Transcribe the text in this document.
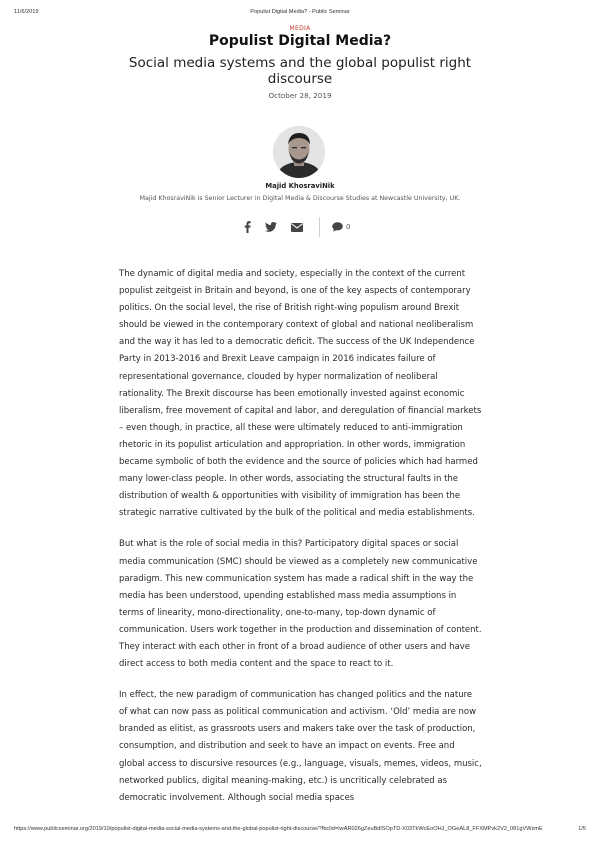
11/6/2019	Populist Digital Media? - Public Seminar
MEDIA
Populist Digital Media?
Social media systems and the global populist right discourse
October 28, 2019
Majid KhosraviNik
Majid KhosraviNik is Senior Lecturer in Digital Media & Discourse Studies at Newcastle University, UK.
0

The dynamic of digital media and society, especially in the context of the current populist zeitgeist in Britain and beyond, is one of the key aspects of contemporary politics. On the social level, the rise of British right-wing populism around Brexit should be viewed in the contemporary context of global and national neoliberalism and the way it has led to a democratic deficit. The success of the UK Independence Party in 2013-2016 and Brexit Leave campaign in 2016 indicates failure of representational governance, clouded by hyper normalization of neoliberal rationality. The Brexit discourse has been emotionally invested against economic liberalism, free movement of capital and labor, and deregulation of financial markets – even though, in practice, all these were ultimately reduced to anti-immigration rhetoric in its populist articulation and appropriation. In other words, immigration became symbolic of both the evidence and the source of policies which had harmed many lower-class people. In other words, associating the structural faults in the distribution of wealth & opportunities with visibility of immigration has been the strategic narrative cultivated by the bulk of the political and media establishments.

But what is the role of social media in this? Participatory digital spaces or social media communication (SMC) should be viewed as a completely new communicative paradigm. This new communication system has made a radical shift in the way the media has been understood, upending established mass media assumptions in terms of linearity, mono-directionality, one-to-many, top-down dynamic of communication. Users work together in the production and dissemination of content. They interact with each other in front of a broad audience of other users and have direct access to both media content and the space to react to it.

In effect, the new paradigm of communication has changed politics and the nature of what can now pass as political communication and activism. ‘Old’ media are now branded as elitist, as grassroots users and makers take over the task of production, consumption, and distribution and seek to have an impact on events. Free and global access to discursive resources (e.g., language, visuals, memes, videos, music, networked publics, digital meaning-making, etc.) is uncritically celebrated as democratic involvement. Although social media spaces

https://www.publicseminar.org/2019/10/populist-digital-media-social-media-systems-and-the-global-populist-right-discourse/?fbclid=IwAR026gZeuBdlSOpTD-X03TkWcEoOHJ_OGeAL8_FFXMPvk2V2_081gVWzmE	1/5
